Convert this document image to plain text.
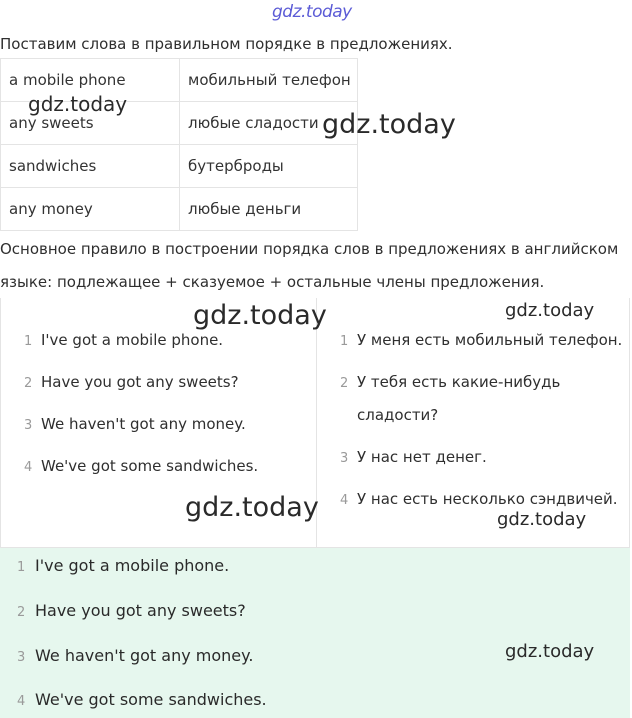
gdz.today
Поставим слова в правильном порядке в предложениях.
a mobile phone	мобильный телефон
any sweets	любые сладости
sandwiches	бутерброды
any money	любые деньги
Основное правило в построении порядка слов в предложениях в английском
языке: подлежащее + сказуемое + остальные члены предложения.
1 I've got a mobile phone.
2 Have you got any sweets?
3 We haven't got any money.
4 We've got some sandwiches.
1 У меня есть мобильный телефон.
2 У тебя есть какие-нибудь
сладости?
3 У нас нет денег.
4 У нас есть несколько сэндвичей.
1 I've got a mobile phone.
2 Have you got any sweets?
3 We haven't got any money.
4 We've got some sandwiches.
gdz.today
gdz.today
gdz.today	gdz.today
gdz.today	gdz.today
gdz.today
